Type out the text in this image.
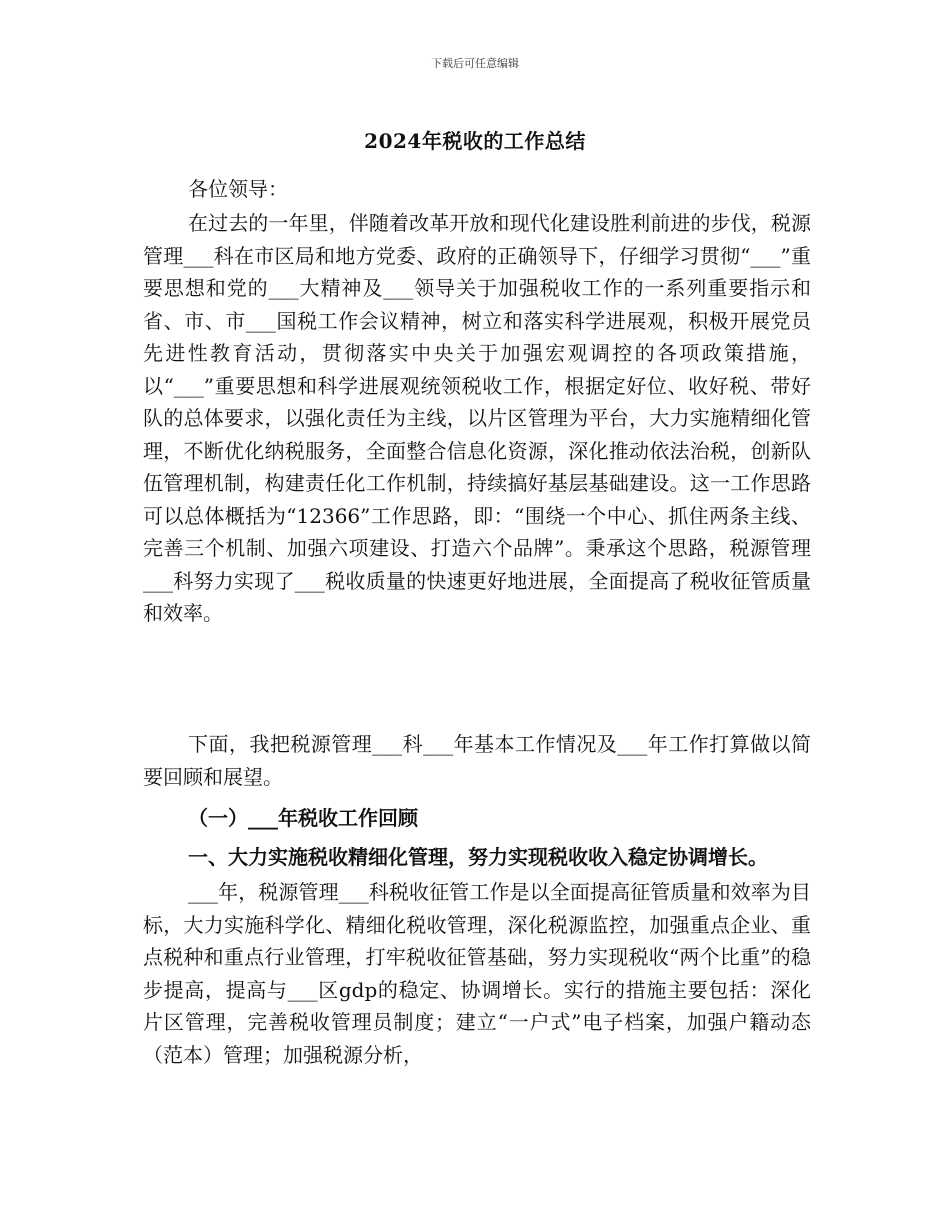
下载后可任意编辑
2024年税收的工作总结

各位领导：

在过去的一年里，伴随着改革开放和现代化建设胜利前进的步伐，税源管理___科在市区局和地方党委、政府的正确领导下，仔细学习贯彻“___”重要思想和党的___大精神及___领导关于加强税收工作的一系列重要指示和省、市、市___国税工作会议精神，树立和落实科学进展观，积极开展党员先进性教育活动，贯彻落实中央关于加强宏观调控的各项政策措施，以“___”重要思想和科学进展观统领税收工作，根据定好位、收好税、带好队的总体要求，以强化责任为主线，以片区管理为平台，大力实施精细化管理，不断优化纳税服务，全面整合信息化资源，深化推动依法治税，创新队伍管理机制，构建责任化工作机制，持续搞好基层基础建设。这一工作思路可以总体概括为“12366”工作思路，即：“围绕一个中心、抓住两条主线、完善三个机制、加强六项建设、打造六个品牌”。秉承这个思路，税源管理___科努力实现了___税收质量的快速更好地进展，全面提高了税收征管质量和效率。

下面，我把税源管理___科___年基本工作情况及___年工作打算做以简要回顾和展望。

（一）___年税收工作回顾

一、大力实施税收精细化管理，努力实现税收收入稳定协调增长。

___年，税源管理___科税收征管工作是以全面提高征管质量和效率为目标，大力实施科学化、精细化税收管理，深化税源监控，加强重点企业、重点税种和重点行业管理，打牢税收征管基础，努力实现税收“两个比重”的稳步提高，提高与___区gdp的稳定、协调增长。实行的措施主要包括：深化片区管理，完善税收管理员制度；建立“一户式”电子档案，加强户籍动态（范本）管理；加强税源分析，
